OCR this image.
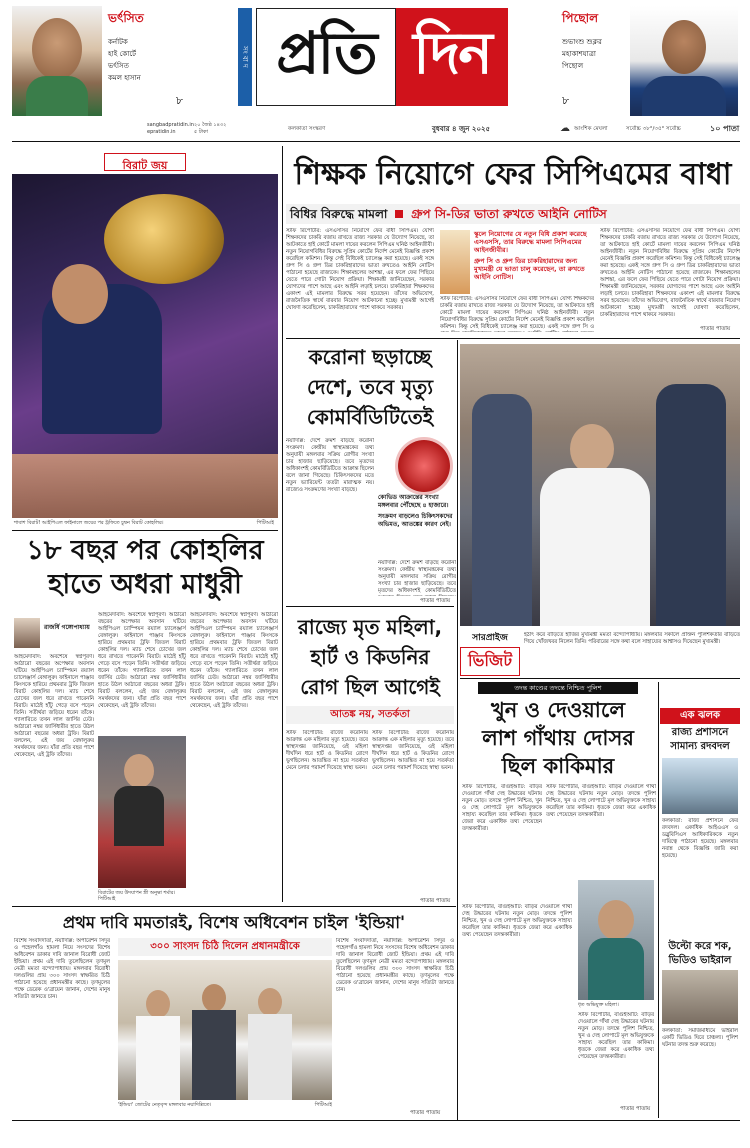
ভর্ৎসিত
কর্নাটক
হাই কোর্টে
ভর্ৎসিত
কমল হাসান
৮
সং বা দ প্রতি দিন
পিছোল
শুভাংশু শুক্লর
মহাকাশযাত্রা
পিছোল
৮
sangbadpratidin.in
epratidin.in
২০ জৈষ্ঠ ১৪৩২
৫ টাকা	কলকাতা সংস্করণ	বুধবার ৪ জুন ২০২৫	☁ আংশিক মেঘলা	সর্বোচ্চ ৩৮°/৩৫° সর্বোচ্চ	১০ পাতা
বিরাট জয়
শাবাশ বিরাট! আইপিএল ফাইনালে জয়ের পর ট্রফিতে চুম্বন বিরাট কোহলির।	পিটিআই
১৮ বছর পর কোহলির
হাতে অধরা মাধুরী
রাজর্ষি গঙ্গোপাধ্যায়
আহমেদাবাদ: অবশেষে স্বপ্নপূরণ। আঠারো বছরের অপেক্ষার অবসান ঘটিয়ে আইপিএল চ্যাম্পিয়ন রয়্যাল চ্যালেঞ্জার্স বেঙ্গালুরু। ফাইনালে পাঞ্জাব কিংসকে হারিয়ে প্রথমবার ট্রফি জিতল বিরাট কোহলির দল। ম্যাচ শেষে চোখের জল ধরে রাখতে পারেননি বিরাট। মাঠেই হাঁটু গেড়ে বসে পড়েন তিনি। সতীর্থরা জড়িয়ে ধরেন তাঁকে। গ্যালারিতে তখন লাল জার্সির ঢেউ। আঠারো নম্বর জার্সিধারীর হাতে উঠল আঠারো বছরের অধরা ট্রফি। বিরাট বললেন, এই জয় বেঙ্গালুরুর সমর্থকদের জন্য। যাঁরা প্রতি বছর পাশে থেকেছেন, এই ট্রফি তাঁদের।
আহমেদাবাদ: অবশেষে স্বপ্নপূরণ। আঠারো বছরের অপেক্ষার অবসান ঘটিয়ে আইপিএল চ্যাম্পিয়ন রয়্যাল চ্যালেঞ্জার্স বেঙ্গালুরু। ফাইনালে পাঞ্জাব কিংসকে হারিয়ে প্রথমবার ট্রফি জিতল বিরাট কোহলির দল। ম্যাচ শেষে চোখের জল ধরে রাখতে পারেননি বিরাট। মাঠেই হাঁটু গেড়ে বসে পড়েন তিনি। সতীর্থরা জড়িয়ে ধরেন তাঁকে। গ্যালারিতে তখন লাল জার্সির ঢেউ। আঠারো নম্বর জার্সিধারীর হাতে উঠল আঠারো বছরের অধরা ট্রফি। বিরাট বললেন, এই জয় বেঙ্গালুরুর সমর্থকদের জন্য। যাঁরা প্রতি বছর পাশে থেকেছেন, এই ট্রফি তাঁদের।
আহমেদাবাদ: অবশেষে স্বপ্নপূরণ। আঠারো বছরের অপেক্ষার অবসান ঘটিয়ে আইপিএল চ্যাম্পিয়ন রয়্যাল চ্যালেঞ্জার্স বেঙ্গালুরু। ফাইনালে পাঞ্জাব কিংসকে হারিয়ে প্রথমবার ট্রফি জিতল বিরাট কোহলির দল। ম্যাচ শেষে চোখের জল ধরে রাখতে পারেননি বিরাট। মাঠেই হাঁটু গেড়ে বসে পড়েন তিনি। সতীর্থরা জড়িয়ে ধরেন তাঁকে। গ্যালারিতে তখন লাল জার্সির ঢেউ। আঠারো নম্বর জার্সিধারীর হাতে উঠল আঠারো বছরের অধরা ট্রফি। বিরাট বললেন, এই জয় বেঙ্গালুরুর সমর্থকদের জন্য। যাঁরা প্রতি বছর পাশে থেকেছেন, এই ট্রফি তাঁদের।
বিরাটের জয় উদযাপন স্ত্রী অনুষ্কা শর্মার। পিটিআই
শিক্ষক নিয়োগে ফের সিপিএমের বাধা
বিধির বিরুদ্ধে মামলা গ্রুপ সি-ডির ভাতা রুখতে আইনি নোটিস
স্টাফ রিপোর্টার: এসএসসির নিয়োগে ফের বাধা সিপিএম। যোগ্য শিক্ষকদের চাকরি বজায় রাখতে রাজ্য সরকার যে উদ্যোগ নিয়েছে, তা আটকাতে হাই কোর্টে মামলা দায়ের করলেন সিপিএম ঘনিষ্ঠ আইনজীবী। নতুন নিয়োগবিধির বিরুদ্ধে সুপ্রিম কোর্টের নির্দেশ মেনেই বিজ্ঞপ্তি প্রকাশ করেছিল কমিশন। কিন্তু সেই বিধিকেই চ্যালেঞ্জ করা হয়েছে। একই সঙ্গে গ্রুপ সি ও গ্রুপ ডির চাকরিহারাদের ভাতা রুখতেও আইনি নোটিস পাঠানো হয়েছে রাজ্যকে। শিক্ষামহলের আশঙ্কা, এর ফলে ফের পিছিয়ে যেতে পারে গোটা নিয়োগ প্রক্রিয়া। শিক্ষামন্ত্রী জানিয়েছেন, সরকার যোগ্যদের পাশে আছে এবং আইনি লড়াই চলবে। চাকরিহারা শিক্ষকদের একাংশ এই মামলার বিরুদ্ধে সরব হয়েছেন। তাঁদের অভিযোগ, রাজনৈতিক স্বার্থে বারবার নিয়োগ আটকানো হচ্ছে। মুখ্যমন্ত্রী আগেই ঘোষণা করেছিলেন, চাকরিহারাদের পাশে থাকবে সরকার।
স্কুলে নিয়োগের যে নতুন বিধি প্রকাশ করেছে এসএসসি, তার বিরুদ্ধে মামলা সিপিএমের আইনজীবীর।
গ্রুপ সি ও গ্রুপ ডির চাকরিহারাদের জন্য মুখ্যমন্ত্রী যে ভাতা চালু করেছেন, তা রুখতে আইনি নোটিস।
স্টাফ রিপোর্টার: এসএসসির নিয়োগে ফের বাধা সিপিএম। যোগ্য শিক্ষকদের চাকরি বজায় রাখতে রাজ্য সরকার যে উদ্যোগ নিয়েছে, তা আটকাতে হাই কোর্টে মামলা দায়ের করলেন সিপিএম ঘনিষ্ঠ আইনজীবী। নতুন নিয়োগবিধির বিরুদ্ধে সুপ্রিম কোর্টের নির্দেশ মেনেই বিজ্ঞপ্তি প্রকাশ করেছিল কমিশন। কিন্তু সেই বিধিকেই চ্যালেঞ্জ করা হয়েছে। একই সঙ্গে গ্রুপ সি ও
স্টাফ রিপোর্টার: এসএসসির নিয়োগে ফের বাধা সিপিএম। যোগ্য শিক্ষকদের চাকরি বজায় রাখতে রাজ্য সরকার যে উদ্যোগ নিয়েছে, তা আটকাতে হাই কোর্টে মামলা দায়ের করলেন সিপিএম ঘনিষ্ঠ আইনজীবী। নতুন নিয়োগবিধির বিরুদ্ধে সুপ্রিম কোর্টের নির্দেশ মেনেই বিজ্ঞপ্তি প্রকাশ করেছিল কমিশন। কিন্তু সেই বিধিকেই চ্যালেঞ্জ করা হয়েছে। একই সঙ্গে গ্রুপ সি ও গ্রুপ ডির চাকরিহারাদের ভাতা রুখতেও আইনি নোটিস পাঠানো হয়েছে রাজ্যকে। শিক্ষামহলের আশঙ্কা, এর ফলে ফের পিছিয়ে যেতে পারে গোটা নিয়োগ প্রক্রিয়া। শিক্ষামন্ত্রী জানিয়েছেন, সরকার যোগ্যদের পাশে আছে এবং আইনি লড়াই চলবে। চাকরিহারা শিক্ষকদের একাংশ এই মামলার বিরুদ্ধে সরব হয়েছেন। তাঁদের অভিযোগ, রাজনৈতিক স্বার্থে বারবার নিয়োগ আটকানো হচ্ছে। মুখ্যমন্ত্রী আগেই ঘোষণা করেছিলেন, চাকরিহারাদের পাশে থাকবে সরকার।
পাতার পাতায়
করোনা ছড়াচ্ছে
দেশে, তবে মৃত্যু
কোমর্বিডিটিতেই
নয়াদিল্লি: দেশে ক্রমশ বাড়ছে করোনা সংক্রমণ। কেন্দ্রীয় স্বাস্থ্যমন্ত্রকের তথ্য অনুযায়ী মঙ্গলবার সক্রিয় রোগীর সংখ্যা চার হাজার ছাড়িয়েছে। তবে মৃতদের অধিকাংশই কোমর্বিডিটিতে আক্রান্ত ছিলেন বলে জানা গিয়েছে। চিকিৎসকদের মতে নতুন ভ্যারিয়েন্ট ততটা মারাত্মক নয়। রাজ্যেও সংক্রমণের সংখ্যা বাড়ছে।
কোভিড আক্রান্তের সংখ্যা মঙ্গলবার পৌঁছেছে ৪ হাজারে।
সংক্রমণ বাড়লেও চিকিৎসকদের অভিমত, আতঙ্কের কারণ নেই।
নয়াদিল্লি: দেশে ক্রমশ বাড়ছে করোনা সংক্রমণ। কেন্দ্রীয় স্বাস্থ্যমন্ত্রকের তথ্য অনুযায়ী মঙ্গলবার সক্রিয় রোগীর সংখ্যা চার হাজার ছাড়িয়েছে। তবে মৃতদের অধিকাংশই কোমর্বিডিটিতে
পাতার পাতায়
রাজ্যে মৃত মহিলা,
হার্ট ও কিডনির
রোগ ছিল আগেই
আতঙ্ক নয়, সতর্কতা
স্টাফ রিপোর্টার: রাজ্যে করোনায় আক্রান্ত এক মহিলার মৃত্যু হয়েছে। তবে স্বাস্থ্যদপ্তর জানিয়েছে, ওই মহিলা দীর্ঘদিন ধরে হার্ট ও কিডনির রোগে ভুগছিলেন। আতঙ্কিত না হয়ে সতর্কতা মেনে চলার পরামর্শ দিয়েছে স্বাস্থ্য ভবন।
স্টাফ রিপোর্টার: রাজ্যে করোনায় আক্রান্ত এক মহিলার মৃত্যু হয়েছে। তবে স্বাস্থ্যদপ্তর জানিয়েছে, ওই মহিলা দীর্ঘদিন ধরে হার্ট ও কিডনির রোগে ভুগছিলেন। আতঙ্কিত না হয়ে সতর্কতা মেনে চলার পরামর্শ দিয়েছে স্বাস্থ্য ভবন।
পাতার পাতায়
সারপ্রাইজ
ভিজিট
হঠাৎ করে বাড়িতে হাজির মুখ্যমন্ত্রী মমতা বন্দ্যোপাধ্যায়। মঙ্গলবার সকালে প্রাক্তন পুলিশকর্তার বাড়িতে গিয়ে খোঁজখবর নিলেন তিনি। পরিবারের সঙ্গে কথা বলে সাহায্যের আশ্বাসও দিয়েছেন মুখ্যমন্ত্রী।
তদন্ত কাণ্ডের তদন্তে নিশ্চিত পুলিশ
খুন ও দেওয়ালে
লাশ গাঁথায় দোসর
ছিল কাকিমার
স্টাফ রিপোর্টার, বাগুইআটি: বাড়ির দেওয়ালে গাঁথা দেহ উদ্ধারের ঘটনায় নতুন মোড়। তদন্তে পুলিশ নিশ্চিত, খুন ও দেহ লোপাটে মূল অভিযুক্তকে সাহায্য করেছিল তার কাকিমা। ধৃতকে জেরা করে একাধিক তথ্য পেয়েছেন তদন্তকারীরা।
স্টাফ রিপোর্টার, বাগুইআটি: বাড়ির দেওয়ালে গাঁথা দেহ উদ্ধারের ঘটনায় নতুন মোড়। তদন্তে পুলিশ নিশ্চিত, খুন ও দেহ লোপাটে মূল অভিযুক্তকে সাহায্য করেছিল তার কাকিমা। ধৃতকে জেরা করে একাধিক তথ্য পেয়েছেন তদন্তকারীরা।
ধৃত অভিযুক্ত মহিলা।
স্টাফ রিপোর্টার, বাগুইআটি: বাড়ির দেওয়ালে গাঁথা দেহ উদ্ধারের ঘটনায় নতুন মোড়। তদন্তে পুলিশ নিশ্চিত, খুন ও দেহ লোপাটে মূল অভিযুক্তকে সাহায্য করেছিল তার কাকিমা। ধৃতকে জেরা করে একাধিক তথ্য পেয়েছেন তদন্তকারীরা।
স্টাফ রিপোর্টার, বাগুইআটি: বাড়ির দেওয়ালে গাঁথা দেহ উদ্ধারের ঘটনায় নতুন মোড়। তদন্তে পুলিশ নিশ্চিত, খুন ও দেহ লোপাটে মূল অভিযুক্তকে সাহায্য করেছিল তার কাকিমা। ধৃতকে জেরা করে একাধিক তথ্য পেয়েছেন তদন্তকারীরা।
পাতার পাতায়
এক ঝলক
রাজ্য প্রশাসনে
সামান্য রদবদল
কলকাতা: রাজ্য প্রশাসনে ফের রদবদল। একাধিক আইএএস ও ডব্লুবিসিএস আধিকারিককে নতুন দায়িত্বে পাঠানো হয়েছে। মঙ্গলবার নবান্ন থেকে বিজ্ঞপ্তি জারি করা হয়েছে।
উল্টো করে শক,
ভিডিও ভাইরাল
কলকাতা: সমাজমাধ্যমে ভাইরাল একটি ভিডিও ঘিরে চাঞ্চল্য। পুলিশ ঘটনার তদন্ত শুরু করেছে।
প্রথম দাবি মমতারই, বিশেষ অধিবেশন চাইল 'ইন্ডিয়া'
বিশেষ সংবাদদাতা, নয়াদিল্লি: অপারেশন সিঁদুর ও পহেলগাঁও হামলা নিয়ে সংসদের বিশেষ অধিবেশন ডাকার দাবি জানাল বিরোধী জোট ইন্ডিয়া। প্রথম এই দাবি তুলেছিলেন তৃণমূল নেত্রী মমতা বন্দ্যোপাধ্যায়। মঙ্গলবার বিরোধী দলগুলির প্রায় ৩০০ সাংসদ স্বাক্ষরিত চিঠি পাঠানো হয়েছে প্রধানমন্ত্রীর কাছে। তৃণমূলের পক্ষে ডেরেক ও'ব্রায়েন জানান, দেশের মানুষ সত্যিটা জানতে চান।
৩০০ সাংসদ চিঠি দিলেন প্রধানমন্ত্রীকে	বিশেষ সংবাদদাতা, নয়াদিল্লি: অপারেশন সিঁদুর ও পহেলগাঁও হামলা নিয়ে সংসদের বিশেষ অধিবেশন ডাকার দাবি জানাল বিরোধী জোট ইন্ডিয়া। প্রথম এই দাবি তুলেছিলেন তৃণমূল নেত্রী মমতা বন্দ্যোপাধ্যায়। মঙ্গলবার বিরোধী দলগুলির প্রায় ৩০০ সাংসদ স্বাক্ষরিত চিঠি পাঠানো হয়েছে প্রধানমন্ত্রীর কাছে। তৃণমূলের পক্ষে ডেরেক ও'ব্রায়েন জানান, দেশের মানুষ সত্যিটা জানতে চান।
'ইন্ডিয়া' জোটের নেতৃবৃন্দ মঙ্গলবার নয়াদিল্লিতে।	পিটিআই
পাতার পাতায়
